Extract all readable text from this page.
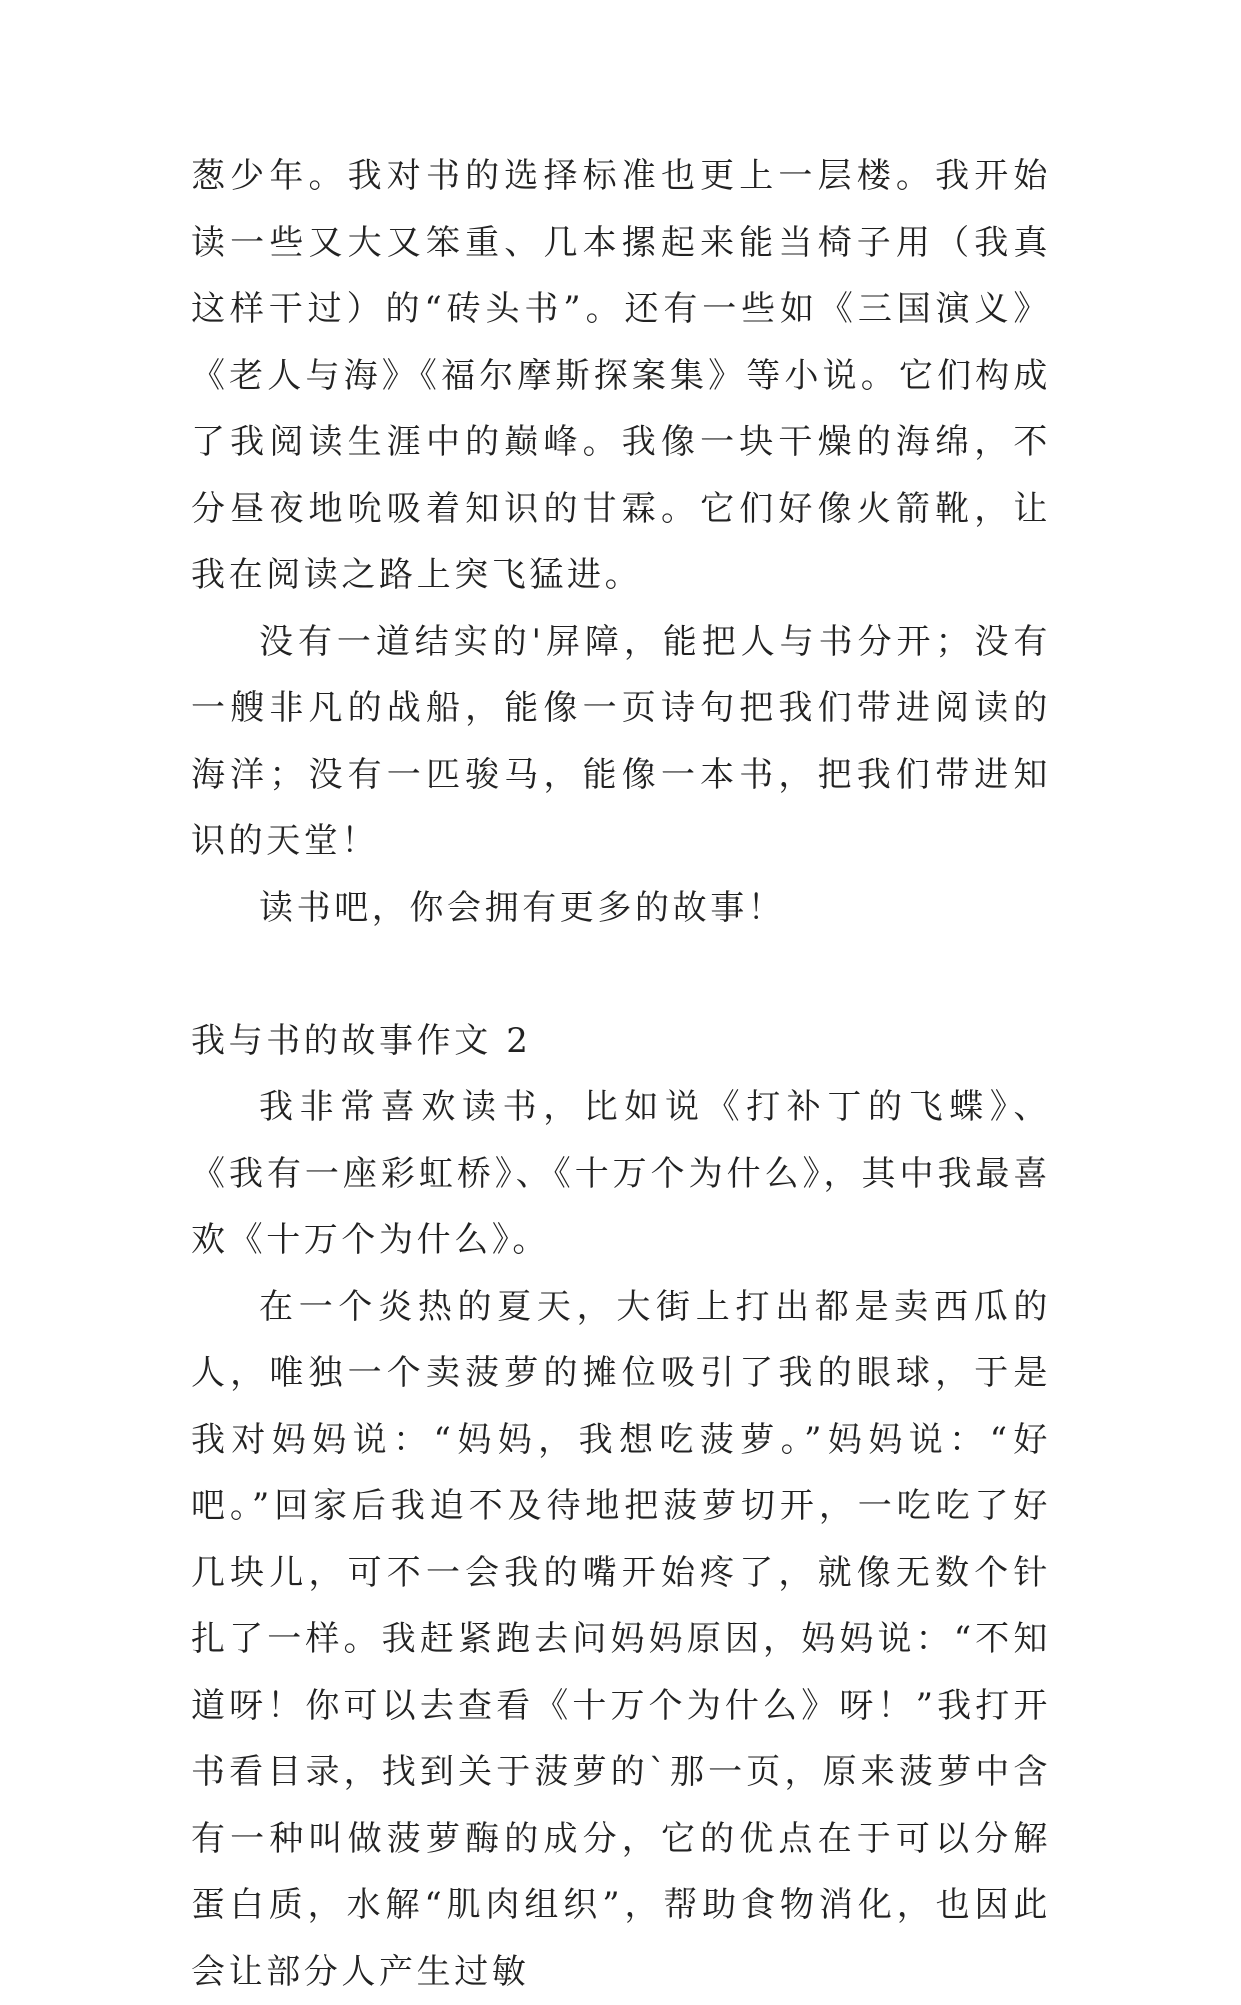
葱少年。我对书的选择标准也更上一层楼。我开始读一些又大又笨重、几本摞起来能当椅子用（我真这样干过）的“砖头书”。还有一些如《三国演义》《老人与海》《福尔摩斯探案集》等小说。它们构成了我阅读生涯中的巅峰。我像一块干燥的海绵，不分昼夜地吮吸着知识的甘霖。它们好像火箭靴，让我在阅读之路上突飞猛进。

没有一道结实的'屏障，能把人与书分开；没有一艘非凡的战船，能像一页诗句把我们带进阅读的海洋；没有一匹骏马，能像一本书，把我们带进知识的天堂！

读书吧，你会拥有更多的故事！

我与书的故事作文 2

我非常喜欢读书，比如说《打补丁的飞蝶》、《我有一座彩虹桥》、《十万个为什么》，其中我最喜欢《十万个为什么》。

在一个炎热的夏天，大街上打出都是卖西瓜的人，唯独一个卖菠萝的摊位吸引了我的眼球，于是我对妈妈说：“妈妈，我想吃菠萝。”妈妈说：“好吧。”回家后我迫不及待地把菠萝切开，一吃吃了好几块儿，可不一会我的嘴开始疼了，就像无数个针扎了一样。我赶紧跑去问妈妈原因，妈妈说：“不知道呀！你可以去查看《十万个为什么》呀！”我打开书看目录，找到关于菠萝的`那一页，原来菠萝中含有一种叫做菠萝酶的成分，它的优点在于可以分解蛋白质，水解“肌肉组织”，帮助食物消化，也因此会让部分人产生过敏
